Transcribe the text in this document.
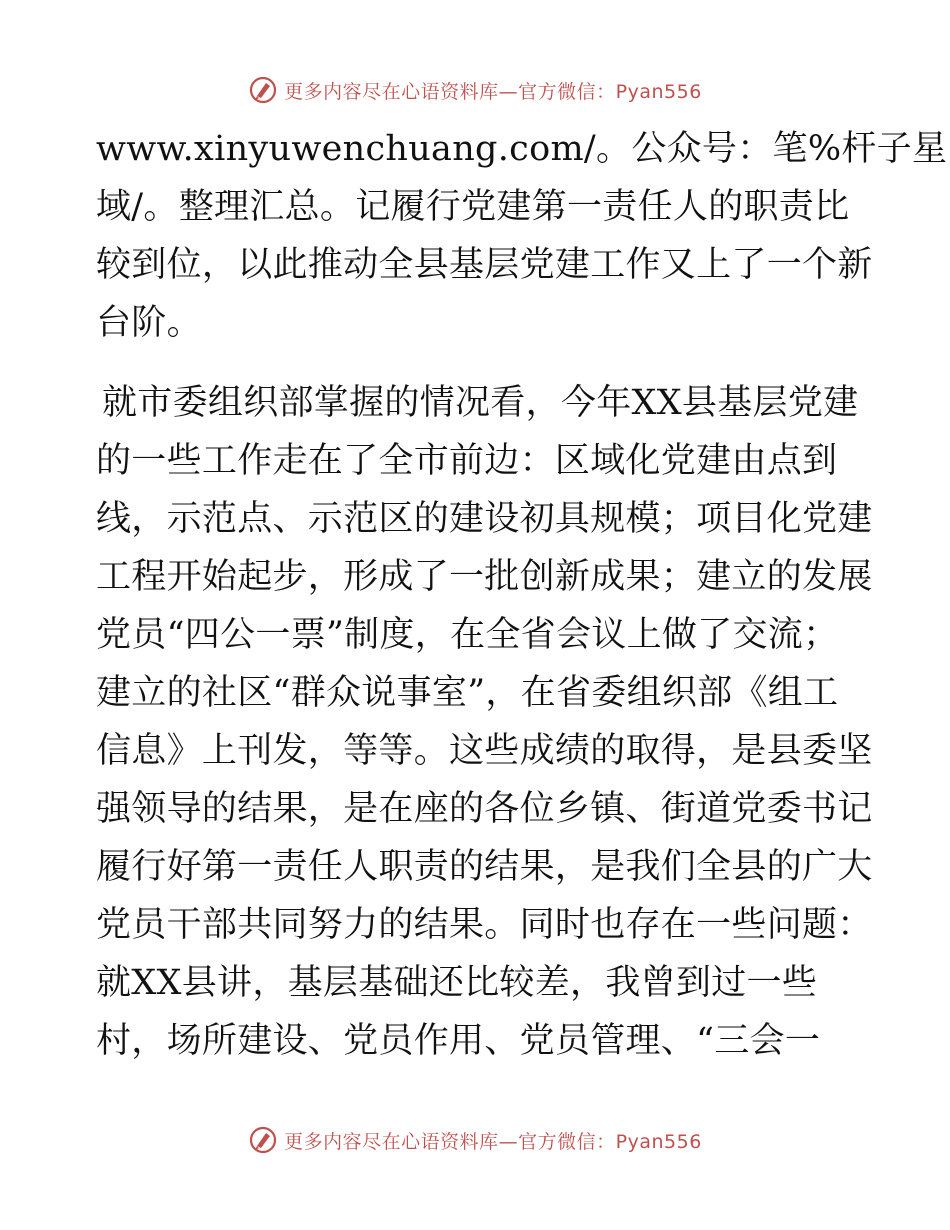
更多内容尽在心语资料库—官方微信：Pyan556
www.xinyuwenchuang.com/。公众号：笔%杆子星
域/。整理汇总。记履行党建第一责任人的职责比
较到位，以此推动全县基层党建工作又上了一个新
台阶。
就市委组织部掌握的情况看，今年XX县基层党建
的一些工作走在了全市前边：区域化党建由点到
线，示范点、示范区的建设初具规模；项目化党建
工程开始起步，形成了一批创新成果；建立的发展
党员“四公一票”制度，在全省会议上做了交流；
建立的社区“群众说事室”，在省委组织部《组工
信息》上刊发，等等。这些成绩的取得，是县委坚
强领导的结果，是在座的各位乡镇、街道党委书记
履行好第一责任人职责的结果，是我们全县的广大
党员干部共同努力的结果。同时也存在一些问题：
就XX县讲，基层基础还比较差，我曾到过一些
村，场所建设、党员作用、党员管理、“三会一
更多内容尽在心语资料库—官方微信：Pyan556
